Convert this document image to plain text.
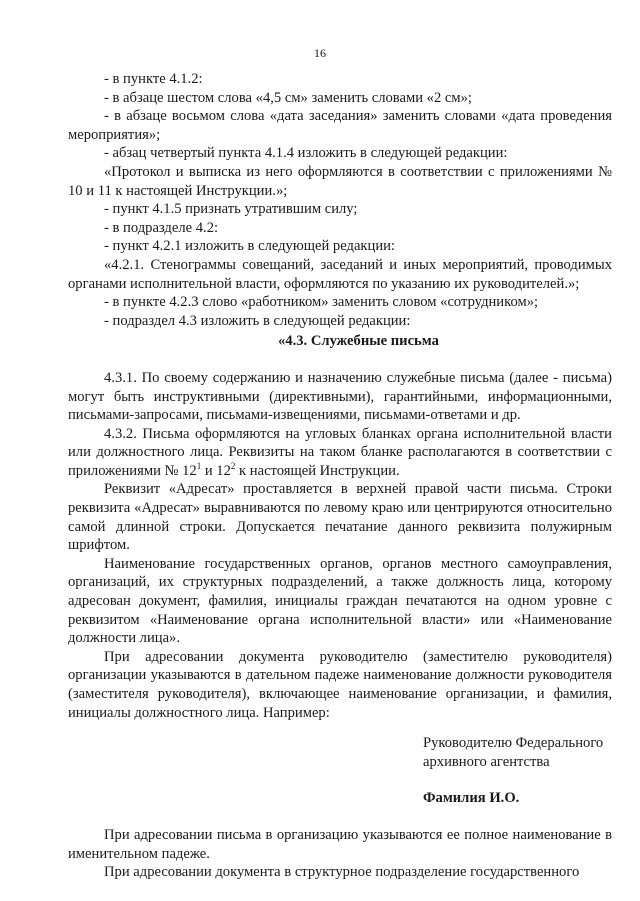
16

- в пункте 4.1.2:

- в абзаце шестом слова «4,5 см» заменить словами «2 см»;

- в абзаце восьмом слова «дата заседания» заменить словами «дата проведения мероприятия»;

- абзац четвертый пункта 4.1.4 изложить в следующей редакции:

«Протокол и выписка из него оформляются в соответствии с приложениями № 10 и 11 к настоящей Инструкции.»;

- пункт 4.1.5 признать утратившим силу;

- в подразделе 4.2:

- пункт 4.2.1 изложить в следующей редакции:

«4.2.1. Стенограммы совещаний, заседаний и иных мероприятий, проводимых органами исполнительной власти, оформляются по указанию их руководителей.»;

- в пункте 4.2.3 слово «работником» заменить словом «сотрудником»;

- подраздел 4.3 изложить в следующей редакции:

«4.3. Служебные письма

4.3.1. По своему содержанию и назначению служебные письма (далее - письма) могут быть инструктивными (директивными), гарантийными, информационными, письмами-запросами, письмами-извещениями, письмами-ответами и др.

4.3.2. Письма оформляются на угловых бланках органа исполнительной власти или должностного лица. Реквизиты на таком бланке располагаются в соответствии с приложениями № $12^1$ и $12^2$ к настоящей Инструкции.

Реквизит «Адресат» проставляется в верхней правой части письма. Строки реквизита «Адресат» выравниваются по левому краю или центрируются относительно самой длинной строки. Допускается печатание данного реквизита полужирным шрифтом.

Наименование государственных органов, органов местного самоуправления, организаций, их структурных подразделений, а также должность лица, которому адресован документ, фамилия, инициалы граждан печатаются на одном уровне с реквизитом «Наименование органа исполнительной власти» или «Наименование должности лица».

При адресовании документа руководителю (заместителю руководителя) организации указываются в дательном падеже наименование должности руководителя (заместителя руководителя), включающее наименование организации, и фамилия, инициалы должностного лица. Например:

Руководителю Федерального

архивного агентства

Фамилия И.О.

При адресовании письма в организацию указываются ее полное наименование в именительном падеже.

При адресовании документа в структурное подразделение государственного
